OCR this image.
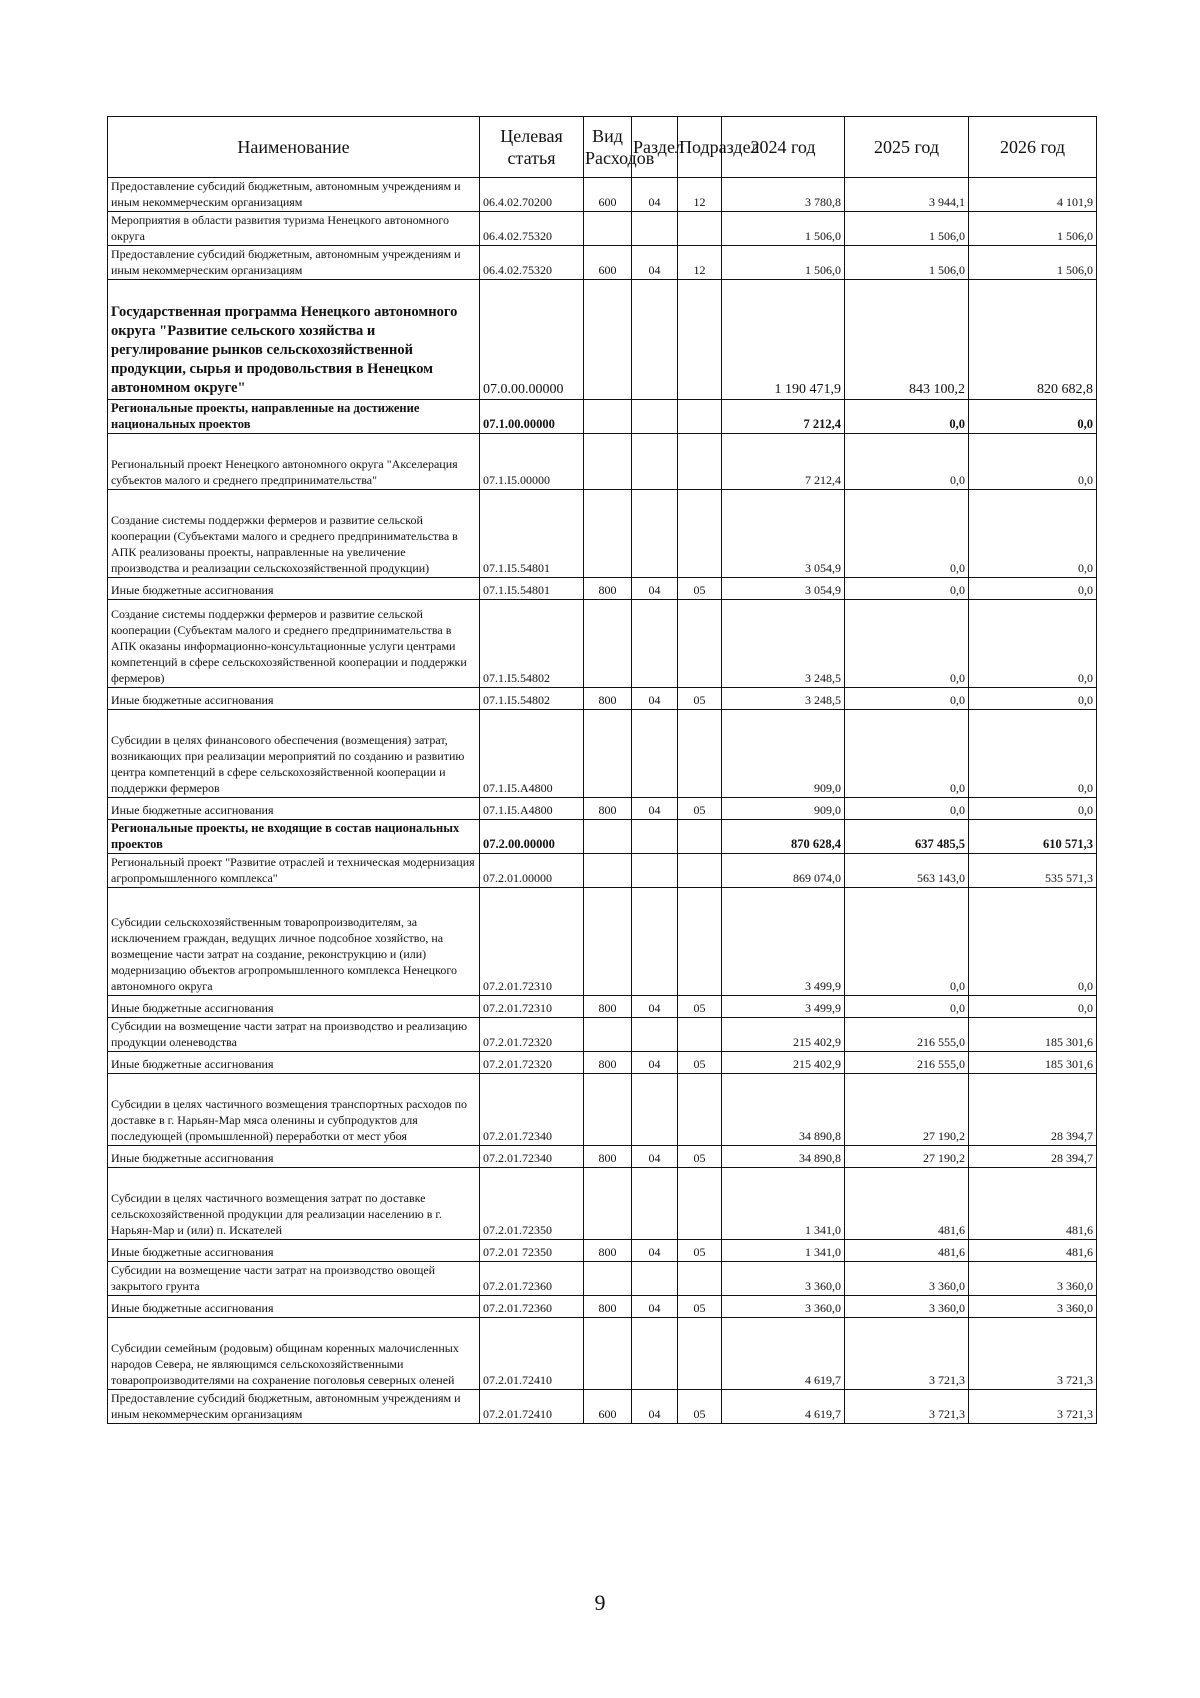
Наименование	Целевая статья	Вид Расходов	Раздел	Подраздел	2024 год	2025 год	2026 год
Предоставление субсидий бюджетным, автономным учреждениям и иным некоммерческим организациям	06.4.02.70200	600	04	12	3 780,8	3 944,1	4 101,9
Мероприятия в области развития туризма Ненецкого автономного округа	06.4.02.75320				1 506,0	1 506,0	1 506,0
Предоставление субсидий бюджетным, автономным учреждениям и иным некоммерческим организациям	06.4.02.75320	600	04	12	1 506,0	1 506,0	1 506,0
Государственная программа Ненецкого автономного округа "Развитие сельского хозяйства и регулирование рынков сельскохозяйственной продукции, сырья и продовольствия в Ненецком автономном округе"	07.0.00.00000				1 190 471,9	843 100,2	820 682,8
Региональные проекты, направленные на достижение национальных проектов	07.1.00.00000				7 212,4	0,0	0,0
Региональный проект Ненецкого автономного округа "Акселерация субъектов малого и среднего предпринимательства"	07.1.I5.00000				7 212,4	0,0	0,0
Создание системы поддержки фермеров и развитие сельской кооперации (Субъектами малого и среднего предпринимательства в АПК реализованы проекты, направленные на увеличение производства и реализации сельскохозяйственной продукции)	07.1.I5.54801				3 054,9	0,0	0,0
Иные бюджетные ассигнования	07.1.I5.54801	800	04	05	3 054,9	0,0	0,0
Создание системы поддержки фермеров и развитие сельской кооперации (Субъектам малого и среднего предпринимательства в АПК оказаны информационно-консультационные услуги центрами компетенций в сфере сельскохозяйственной кооперации и поддержки фермеров)	07.1.I5.54802				3 248,5	0,0	0,0
Иные бюджетные ассигнования	07.1.I5.54802	800	04	05	3 248,5	0,0	0,0
Субсидии в целях финансового обеспечения (возмещения) затрат, возникающих при реализации мероприятий по созданию и развитию центра компетенций в сфере сельскохозяйственной кооперации и поддержки фермеров	07.1.I5.A4800				909,0	0,0	0,0
Иные бюджетные ассигнования	07.1.I5.A4800	800	04	05	909,0	0,0	0,0
Региональные проекты, не входящие в состав национальных проектов	07.2.00.00000				870 628,4	637 485,5	610 571,3
Региональный проект "Развитие отраслей и техническая модернизация агропромышленного комплекса"	07.2.01.00000				869 074,0	563 143,0	535 571,3
Субсидии сельскохозяйственным товаропроизводителям, за исключением граждан, ведущих личное подсобное хозяйство, на возмещение части затрат на создание, реконструкцию и (или) модернизацию объектов агропромышленного комплекса Ненецкого автономного округа	07.2.01.72310				3 499,9	0,0	0,0
Иные бюджетные ассигнования	07.2.01.72310	800	04	05	3 499,9	0,0	0,0
Субсидии на возмещение части затрат на производство и реализацию продукции оленеводства	07.2.01.72320				215 402,9	216 555,0	185 301,6
Иные бюджетные ассигнования	07.2.01.72320	800	04	05	215 402,9	216 555,0	185 301,6
Субсидии в целях частичного возмещения транспортных расходов по доставке в г. Нарьян-Мар мяса оленины и субпродуктов для последующей (промышленной) переработки от мест убоя	07.2.01.72340				34 890,8	27 190,2	28 394,7
Иные бюджетные ассигнования	07.2.01.72340	800	04	05	34 890,8	27 190,2	28 394,7
Субсидии в целях частичного возмещения затрат по доставке сельскохозяйственной продукции для реализации населению в г. Нарьян-Мар и (или) п. Искателей	07.2.01.72350				1 341,0	481,6	481,6
Иные бюджетные ассигнования	07.2.01 72350	800	04	05	1 341,0	481,6	481,6
Субсидии на возмещение части затрат на производство овощей закрытого грунта	07.2.01.72360				3 360,0	3 360,0	3 360,0
Иные бюджетные ассигнования	07.2.01.72360	800	04	05	3 360,0	3 360,0	3 360,0
Субсидии семейным (родовым) общинам коренных малочисленных народов Севера, не являющимся сельскохозяйственными товаропроизводителями на сохранение поголовья северных оленей	07.2.01.72410				4 619,7	3 721,3	3 721,3
Предоставление субсидий бюджетным, автономным учреждениям и иным некоммерческим организациям	07.2.01.72410	600	04	05	4 619,7	3 721,3	3 721,3
9
